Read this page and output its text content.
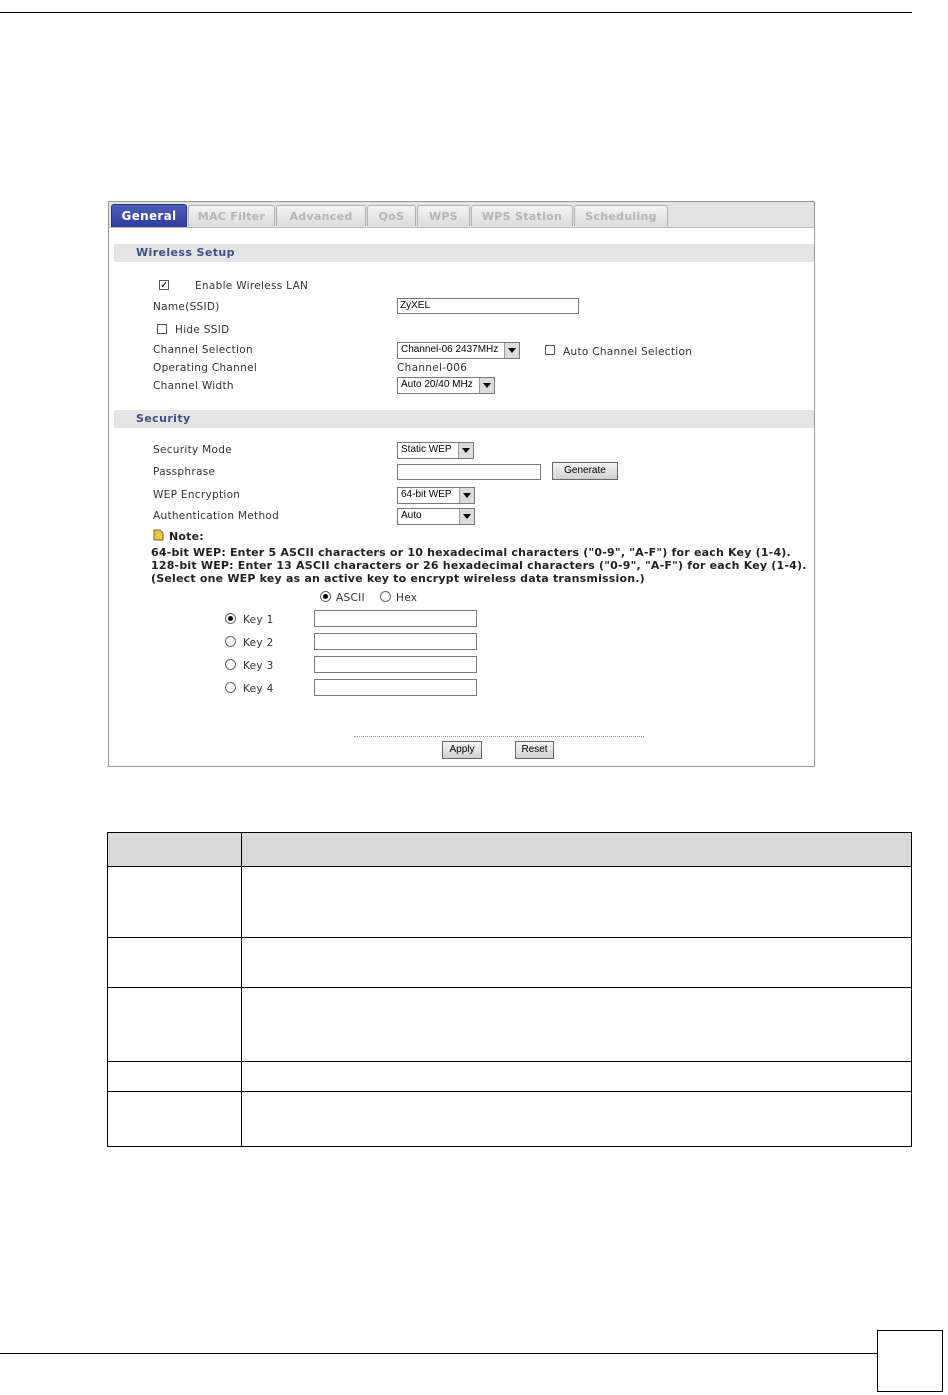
General	MAC Filter	Advanced	QoS	WPS	WPS Station	Scheduling
Wireless Setup
✓	Enable Wireless LAN
Name(SSID)	ZyXEL
Hide SSID
Channel Selection	Channel-06 2437MHz	Auto Channel Selection
Operating Channel	Channel-006
Channel Width	Auto 20/40 MHz
Security
Security Mode	Static WEP
Passphrase	Generate
WEP Encryption	64-bit WEP
Authentication Method	Auto
Note:
64-bit WEP: Enter 5 ASCII characters or 10 hexadecimal characters ("0-9", "A-F") for each Key (1-4).
128-bit WEP: Enter 13 ASCII characters or 26 hexadecimal characters ("0-9", "A-F") for each Key (1-4).
(Select one WEP key as an active key to encrypt wireless data transmission.)
ASCII	Hex
Key 1
Key 2
Key 3
Key 4
Apply	Reset
